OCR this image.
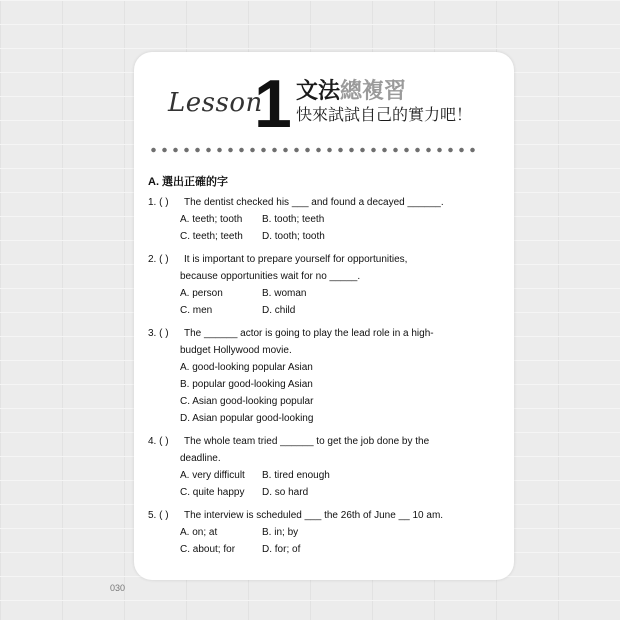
Lesson
1 文法總複習
快來試試自己的實力吧！
A. 選出正確的字
1. ( )	The dentist checked his ___ and found a decayed ______.
A. teeth; tooth	B. tooth; teeth
C. teeth; teeth	D. tooth; tooth
2. ( )	It is important to prepare yourself for opportunities,
because opportunities wait for no _____.
A. person	B. woman
C. men	D. child
3. ( )	The ______ actor is going to play the lead role in a high-
budget Hollywood movie.
A. good-looking popular Asian
B. popular good-looking Asian
C. Asian good-looking popular
D. Asian popular good-looking
4. ( )	The whole team tried ______ to get the job done by the
deadline.
A. very difficult	B. tired enough
C. quite happy	D. so hard
5. ( )	The interview is scheduled ___ the 26th of June __ 10 am.
A. on; at	B. in; by
C. about; for	D. for; of
030
